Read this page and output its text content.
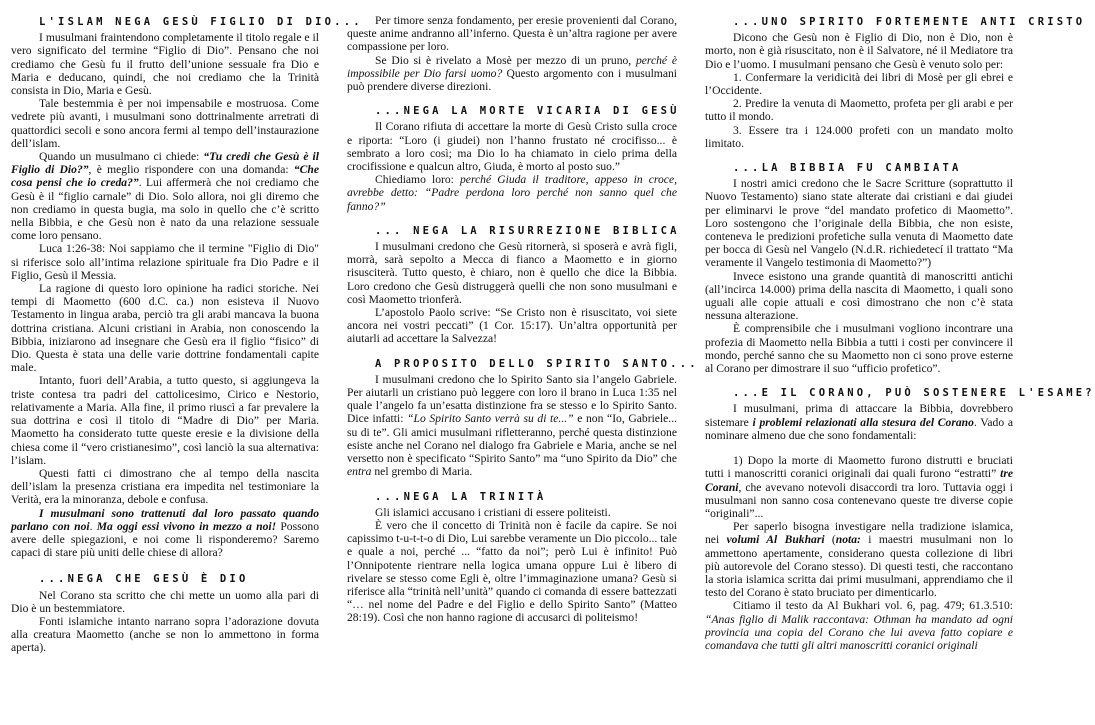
L'ISLAM NEGA GESÙ FIGLIO DI DIO...

I musulmani fraintendono completamente il titolo regale e il vero significato del termine “Figlio di Dio”. Pensano che noi crediamo che Gesù fu il frutto dell’unione sessuale fra Dio e Maria e deducano, quindi, che noi crediamo che la Trinità consista in Dio, Maria e Gesù.

Tale bestemmia è per noi impensabile e mostruosa. Come vedrete più avanti, i musulmani sono dottrinalmente arretrati di quattordici secoli e sono ancora fermi al tempo dell’instaurazione dell’islam.

Quando un musulmano ci chiede: “Tu credi che Gesù è il Figlio di Dio?”, è meglio rispondere con una domanda: “Che cosa pensi che io creda?”. Lui affermerà che noi crediamo che Gesù è il “figlio carnale” di Dio. Solo allora, noi gli diremo che non crediamo in questa bugia, ma solo in quello che c’è scritto nella Bibbia, e che Gesù non è nato da una relazione sessuale come loro pensano.

Luca 1:26-38: Noi sappiamo che il termine "Figlio di Dio" si riferisce solo all’intima relazione spirituale fra Dio Padre e il Figlio, Gesù il Messia.

La ragione di questo loro opinione ha radici storiche. Nei tempi di Maometto (600 d.C. ca.) non esisteva il Nuovo Testamento in lingua araba, perciò tra gli arabi mancava la buona dottrina cristiana. Alcuni cristiani in Arabia, non conoscendo la Bibbia, iniziarono ad insegnare che Gesù era il figlio “fisico” di Dio. Questa è stata una delle varie dottrine fondamentali capite male.

Intanto, fuori dell’Arabia, a tutto questo, si aggiungeva la triste contesa tra padri del cattolicesimo, Cirico e Nestorio, relativamente a Maria. Alla fine, il primo riuscì a far prevalere la sua dottrina e così il titolo di “Madre di Dio” per Maria. Maometto ha considerato tutte queste eresie e la divisione della chiesa come il “vero cristianesimo”, così lanciò la sua alternativa: l’islam.

Questi fatti ci dimostrano che al tempo della nascita dell’islam la presenza cristiana era impedita nel testimoniare la Verità, era la minoranza, debole e confusa.

I musulmani sono trattenuti dal loro passato quando parlano con noi. Ma oggi essi vivono in mezzo a noi! Possono avere delle spiegazioni, e noi come li risponderemo? Saremo capaci di stare più uniti delle chiese di allora?

...NEGA CHE GESÙ È DIO

Nel Corano sta scritto che chi mette un uomo alla pari di Dio è un bestemmiatore.

Fonti islamiche intanto narrano sopra l’adorazione dovuta alla creatura Maometto (anche se non lo ammettono in forma aperta).

Per timore senza fondamento, per eresie provenienti dal Corano, queste anime andranno all’inferno. Questa è un’altra ragione per avere compassione per loro.

Se Dio si è rivelato a Mosè per mezzo di un pruno, perché è impossibile per Dio farsi uomo? Questo argomento con i musulmani può prendere diverse direzioni.

...NEGA LA MORTE VICARIA DI GESÙ

Il Corano rifiuta di accettare la morte di Gesù Cristo sulla croce e riporta: “Loro (i giudei) non l’hanno frustato né crocifisso... è sembrato a loro così; ma Dio lo ha chiamato in cielo prima della crocifissione e qualcun altro, Giuda, è morto al posto suo.”

Chiediamo loro: perché Giuda il traditore, appeso in croce, avrebbe detto: “Padre perdona loro perché non sanno quel che fanno?”

... NEGA LA RISURREZIONE BIBLICA

I musulmani credono che Gesù ritornerà, si sposerà e avrà figli, morrà, sarà sepolto a Mecca di fianco a Maometto e in giorno risusciterà. Tutto questo, è chiaro, non è quello che dice la Bibbia. Loro credono che Gesù distruggerà quelli che non sono musulmani e così Maometto trionferà.

L’apostolo Paolo scrive: “Se Cristo non è risuscitato, voi siete ancora nei vostri peccati” (1 Cor. 15:17). Un’altra opportunità per aiutarli ad accettare la Salvezza!

A PROPOSITO DELLO SPIRITO SANTO...

I musulmani credono che lo Spirito Santo sia l’angelo Gabriele. Per aiutarli un cristiano può leggere con loro il brano in Luca 1:35 nel quale l’angelo fa un’esatta distinzione fra se stesso e lo Spirito Santo. Dice infatti: “Lo Spirito Santo verrà su di te...” e non “Io, Gabriele... su di te”. Gli amici musulmani rifletteranno, perché questa distinzione esiste anche nel Corano nel dialogo fra Gabriele e Maria, anche se nel versetto non è specificato “Spirito Santo” ma “uno Spirito da Dio” che entra nel grembo di Maria.

...NEGA LA TRINITÀ

Gli islamici accusano i cristiani di essere politeisti.

È vero che il concetto di Trinità non è facile da capire. Se noi capissimo t-u-t-t-o di Dio, Lui sarebbe veramente un Dio piccolo... tale e quale a noi, perché ... “fatto da noi”; però Lui è infinito! Può l’Onnipotente rientrare nella logica umana oppure Lui è libero di rivelare se stesso come Egli è, oltre l’immaginazione umana? Gesù si riferisce alla “trinità nell’unità” quando ci comanda di essere battezzati “… nel nome del Padre e del Figlio e dello Spirito Santo” (Matteo 28:19). Così che non hanno ragione di accusarci di politeismo!

...UNO SPIRITO FORTEMENTE ANTI CRISTO

Dicono che Gesù non è Figlio di Dio, non è Dio, non è morto, non è già risuscitato, non è il Salvatore, né il Mediatore tra Dio e l’uomo. I musulmani pensano che Gesù è venuto solo per:

1. Confermare la veridicità dei libri di Mosè per gli ebrei e l’Occidente.

2. Predire la venuta di Maometto, profeta per gli arabi e per tutto il mondo.

3. Essere tra i 124.000 profeti con un mandato molto limitato.

...LA BIBBIA FU CAMBIATA

I nostri amici credono che le Sacre Scritture (soprattutto il Nuovo Testamento) siano state alterate dai cristiani e dai giudei per eliminarvi le prove “del mandato profetico di Maometto”. Loro sostengono che l’originale della Bibbia, che non esiste, conteneva le predizioni profetiche sulla venuta di Maometto date per bocca di Gesù nel Vangelo (N.d.R. richiedetecí il trattato “Ma veramente il Vangelo testimonia di Maometto?”)

Invece esistono una grande quantità di manoscritti antichi (all’incirca 14.000) prima della nascita di Maometto, i quali sono uguali alle copie attuali e così dimostrano che non c’è stata nessuna alterazione.

È comprensibile che i musulmani vogliono incontrare una profezia di Maometto nella Bibbia a tutti i costi per convincere il mondo, perché sanno che su Maometto non ci sono prove esterne al Corano per dimostrare il suo “ufficio profetico”.

...E IL CORANO, PUÒ SOSTENERE L'ESAME?

I musulmani, prima di attaccare la Bibbia, dovrebbero sistemare i problemi relazionati alla stesura del Corano. Vado a nominare almeno due che sono fondamentali:

1) Dopo la morte di Maometto furono distrutti e bruciati tutti i manoscritti coranici originali dai quali furono “estratti” tre Corani, che avevano notevoli disaccordi tra loro. Tuttavia oggi i musulmani non sanno cosa contenevano queste tre diverse copie “originali”...

Per saperlo bisogna investigare nella tradizione islamica, nei volumi Al Bukhari (nota: i maestri musulmani non lo ammettono apertamente, considerano questa collezione di libri più autorevole del Corano stesso). Di questi testi, che raccontano la storia islamica scritta dai primi musulmani, apprendiamo che il testo del Corano è stato bruciato per dimenticarlo.

Citiamo il testo da Al Bukhari vol. 6, pag. 479; 61.3.510: “Anas figlio di Malik raccontava: Othman ha mandato ad ogni provincia una copia del Corano che lui aveva fatto copiare e comandava che tutti gli altri manoscritti coranici originali
